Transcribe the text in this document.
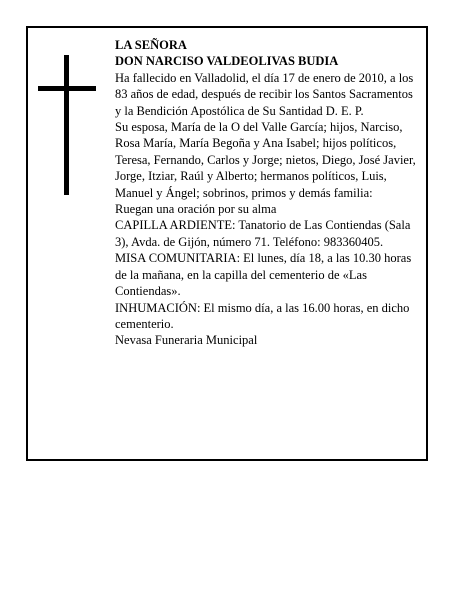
LA SEÑORA

DON NARCISO VALDEOLIVAS BUDIA

Ha fallecido en Valladolid, el día 17 de enero de 2010, a los 83 años de edad, después de recibir los Santos Sacramentos y la Bendición Apostólica de Su Santidad D. E. P.

Su esposa, María de la O del Valle García; hijos, Narciso, Rosa María, María Begoña y Ana Isabel; hijos políticos, Teresa, Fernando, Carlos y Jorge; nietos, Diego, José Javier, Jorge, Itziar, Raúl y Alberto; hermanos políticos, Luis, Manuel y Ángel; sobrinos, primos y demás familia:

Ruegan una oración por su alma

CAPILLA ARDIENTE: Tanatorio de Las Contiendas (Sala 3), Avda. de Gijón, número 71. Teléfono: 983360405.

MISA COMUNITARIA: El lunes, día 18, a las 10.30 horas de la mañana, en la capilla del cementerio de «Las Contiendas».

INHUMACIÓN: El mismo día, a las 16.00 horas, en dicho cementerio.

Nevasa Funeraria Municipal
